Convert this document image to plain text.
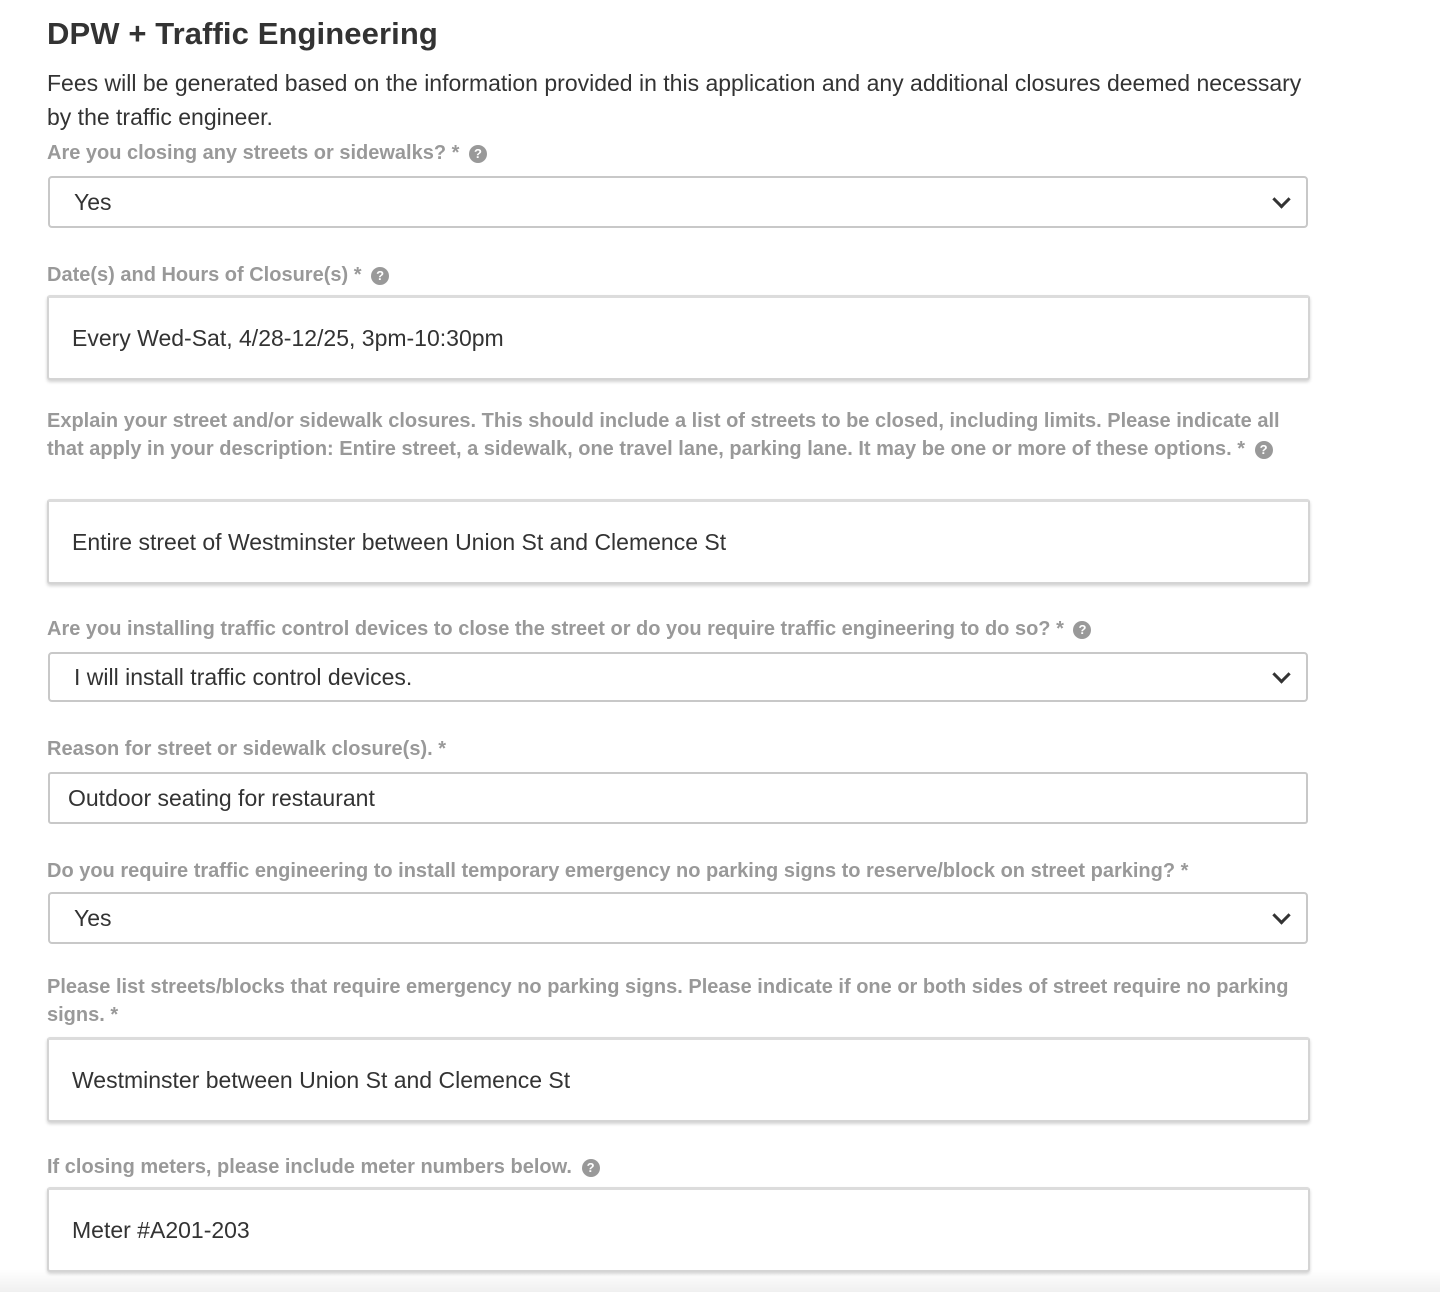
DPW + Traffic Engineering

Fees will be generated based on the information provided in this application and any additional closures deemed necessary by the traffic engineer.

Are you closing any streets or sidewalks? * ?
Yes
Date(s) and Hours of Closure(s) * ?
Every Wed-Sat, 4/28-12/25, 3pm-10:30pm
Explain your street and/or sidewalk closures. This should include a list of streets to be closed, including limits. Please indicate all that apply in your description: Entire street, a sidewalk, one travel lane, parking lane. It may be one or more of these options. * ?
Entire street of Westminster between Union St and Clemence St
Are you installing traffic control devices to close the street or do you require traffic engineering to do so? * ?
I will install traffic control devices.
Reason for street or sidewalk closure(s). *
Outdoor seating for restaurant
Do you require traffic engineering to install temporary emergency no parking signs to reserve/block on street parking? *
Yes
Please list streets/blocks that require emergency no parking signs. Please indicate if one or both sides of street require no parking signs. *
Westminster between Union St and Clemence St
If closing meters, please include meter numbers below. ?
Meter #A201-203
